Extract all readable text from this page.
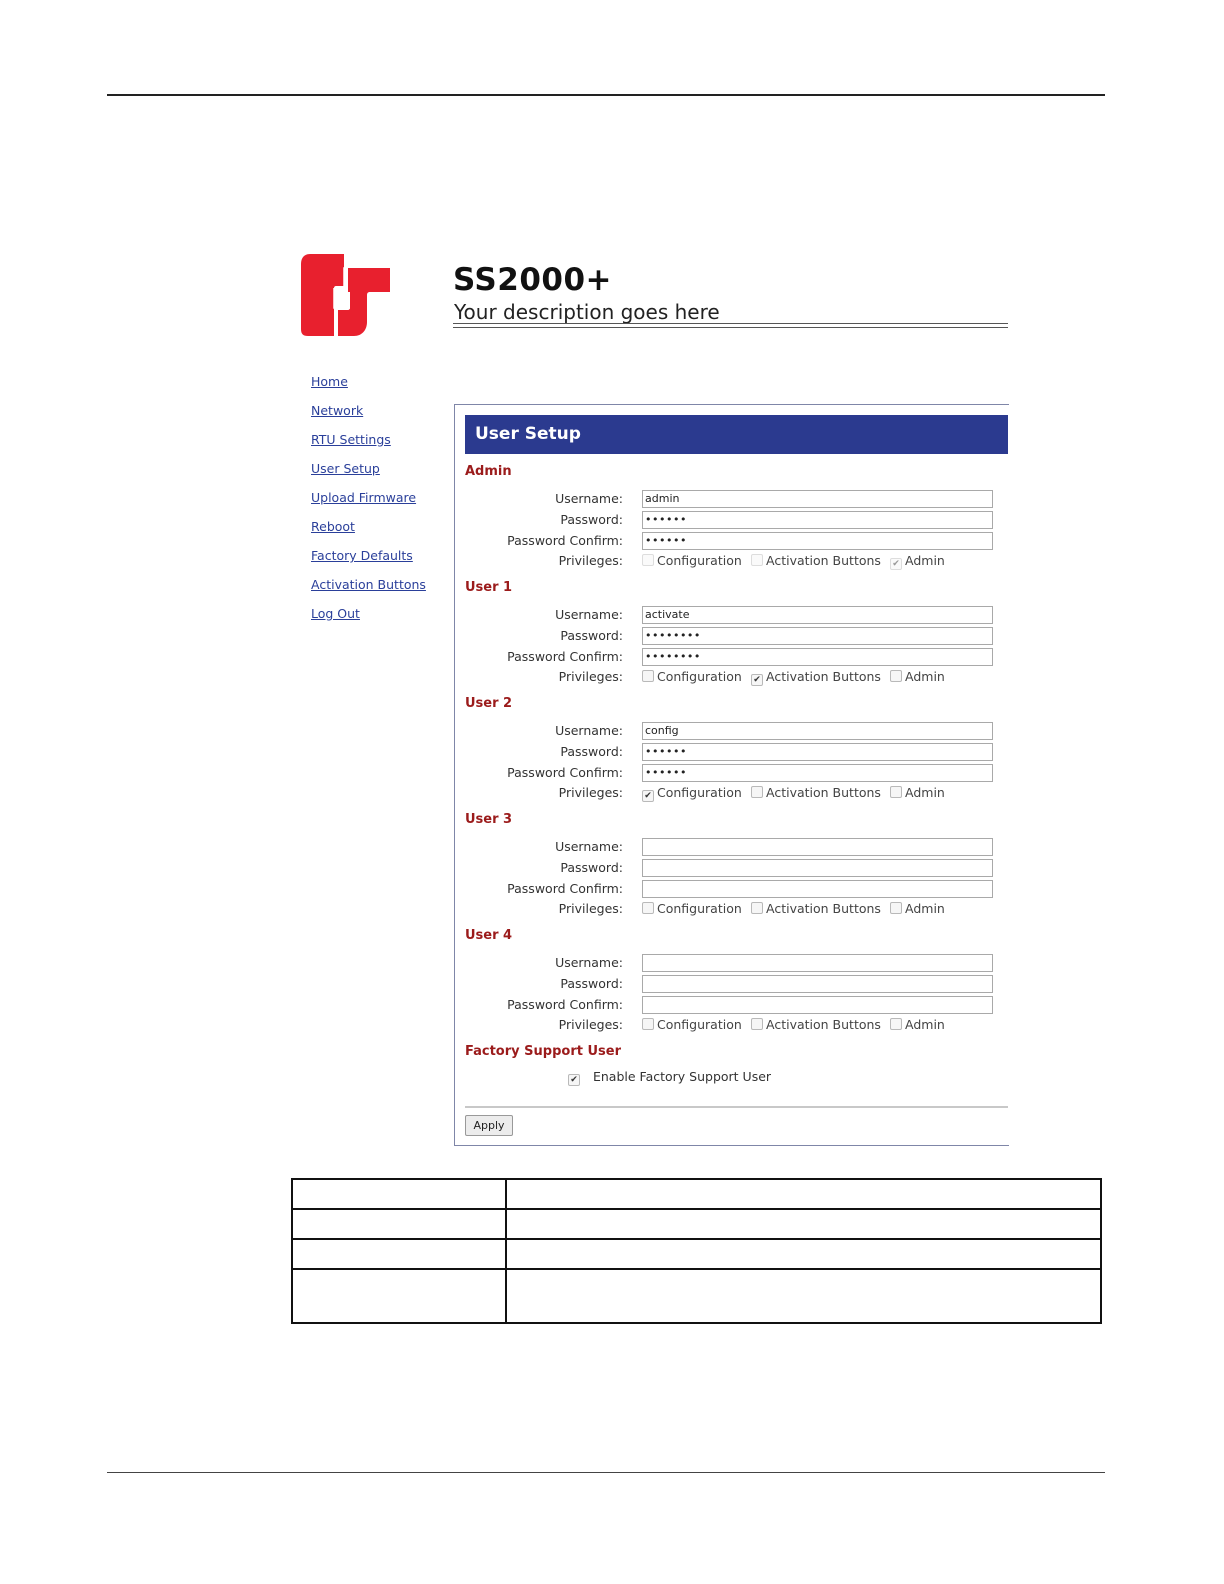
SS2000+
Your description goes here
Home
Network
RTU Settings
User Setup
Upload Firmware
Reboot
Factory Defaults
Activation Buttons
Log Out
User Setup
Admin
Username: admin
Password: ••••••
Password Confirm: ••••••
Privileges:	Configuration	Activation Buttons ✔ Admin
User 1
Username: activate
Password: ••••••••
Password Confirm: ••••••••
Privileges:	Configuration ✔ Activation Buttons	Admin
User 2
Username: config
Password: ••••••
Password Confirm: ••••••
Privileges: ✔ Configuration	Activation Buttons	Admin
User 3
Username:
Password:
Password Confirm:
Privileges:	Configuration	Activation Buttons	Admin
User 4
Username:
Password:
Password Confirm:
Privileges:	Configuration	Activation Buttons	Admin
Factory Support User
✔ Enable Factory Support User
Apply
